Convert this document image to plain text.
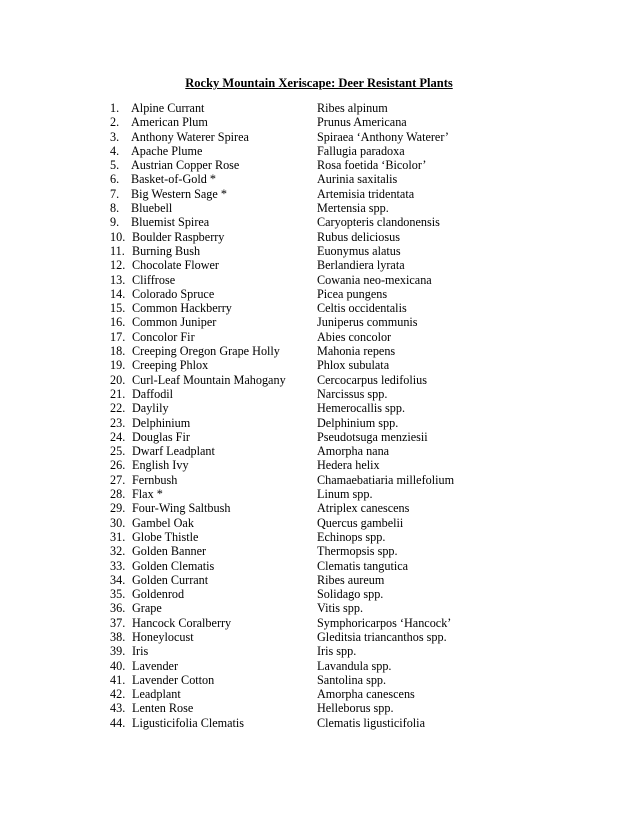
Rocky Mountain Xeriscape: Deer Resistant Plants
1. Alpine Currant	Ribes alpinum
2. American Plum	Prunus Americana
3. Anthony Waterer Spirea	Spiraea ‘Anthony Waterer’
4. Apache Plume	Fallugia paradoxa
5. Austrian Copper Rose	Rosa foetida ‘Bicolor’
6. Basket-of-Gold *	Aurinia saxitalis
7. Big Western Sage *	Artemisia tridentata
8. Bluebell	Mertensia spp.
9. Bluemist Spirea	Caryopteris clandonensis
10. Boulder Raspberry	Rubus deliciosus
11. Burning Bush	Euonymus alatus
12. Chocolate Flower	Berlandiera lyrata
13. Cliffrose	Cowania neo-mexicana
14. Colorado Spruce	Picea pungens
15. Common Hackberry	Celtis occidentalis
16. Common Juniper	Juniperus communis
17. Concolor Fir	Abies concolor
18. Creeping Oregon Grape Holly	Mahonia repens
19. Creeping Phlox	Phlox subulata
20. Curl-Leaf Mountain Mahogany	Cercocarpus ledifolius
21. Daffodil	Narcissus spp.
22. Daylily	Hemerocallis spp.
23. Delphinium	Delphinium spp.
24. Douglas Fir	Pseudotsuga menziesii
25. Dwarf Leadplant	Amorpha nana
26. English Ivy	Hedera helix
27. Fernbush	Chamaebatiaria millefolium
28. Flax *	Linum spp.
29. Four-Wing Saltbush	Atriplex canescens
30. Gambel Oak	Quercus gambelii
31. Globe Thistle	Echinops spp.
32. Golden Banner	Thermopsis spp.
33. Golden Clematis	Clematis tangutica
34. Golden Currant	Ribes aureum
35. Goldenrod	Solidago spp.
36. Grape	Vitis spp.
37. Hancock Coralberry	Symphoricarpos ‘Hancock’
38. Honeylocust	Gleditsia triancanthos spp.
39. Iris	Iris spp.
40. Lavender	Lavandula spp.
41. Lavender Cotton	Santolina spp.
42. Leadplant	Amorpha canescens
43. Lenten Rose	Helleborus spp.
44. Ligusticifolia Clematis	Clematis ligusticifolia
